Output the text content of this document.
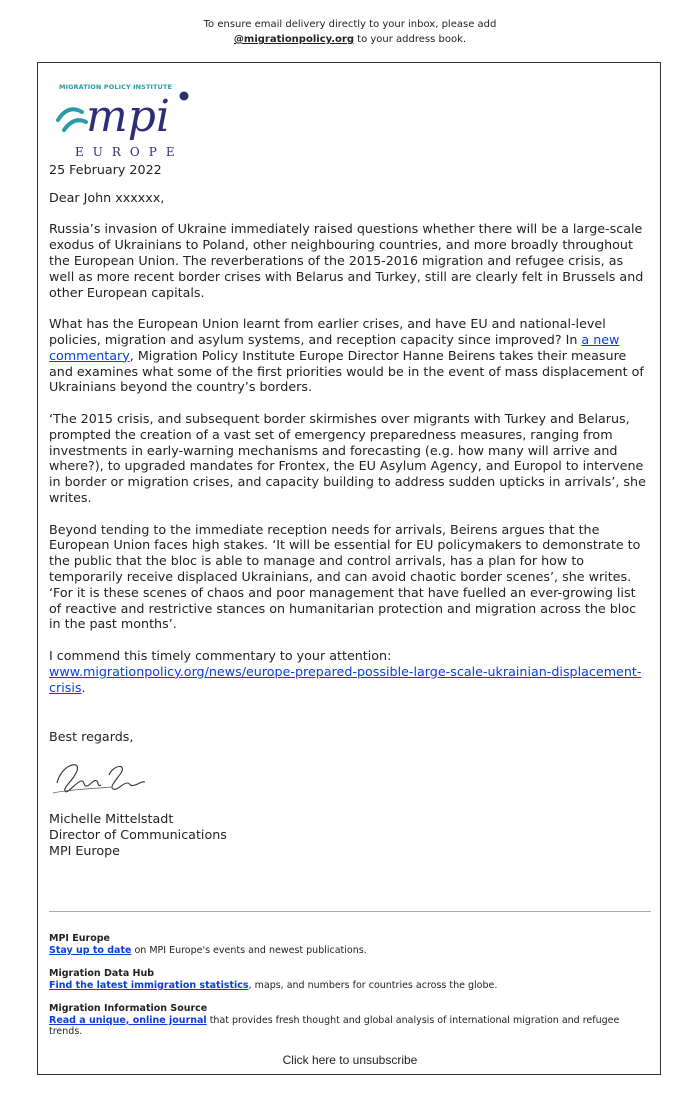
To ensure email delivery directly to your inbox, please add
@migrationpolicy.org to your address book.
MIGRATION POLICY INSTITUTE
mpi
EUROPE

25 February 2022

Dear John xxxxxx,

Russia’s invasion of Ukraine immediately raised questions whether there will be a large-scale exodus of Ukrainians to Poland, other neighbouring countries, and more broadly throughout the European Union. The reverberations of the 2015-2016 migration and refugee crisis, as well as more recent border crises with Belarus and Turkey, still are clearly felt in Brussels and other European capitals.

What has the European Union learnt from earlier crises, and have EU and national-level policies, migration and asylum systems, and reception capacity since improved? In a new commentary, Migration Policy Institute Europe Director Hanne Beirens takes their measure and examines what some of the first priorities would be in the event of mass displacement of Ukrainians beyond the country’s borders.

‘The 2015 crisis, and subsequent border skirmishes over migrants with Turkey and Belarus, prompted the creation of a vast set of emergency preparedness measures, ranging from investments in early-warning mechanisms and forecasting (e.g. how many will arrive and where?), to upgraded mandates for Frontex, the EU Asylum Agency, and Europol to intervene in border or migration crises, and capacity building to address sudden upticks in arrivals’, she writes.

Beyond tending to the immediate reception needs for arrivals, Beirens argues that the European Union faces high stakes. ‘It will be essential for EU policymakers to demonstrate to the public that the bloc is able to manage and control arrivals, has a plan for how to temporarily receive displaced Ukrainians, and can avoid chaotic border scenes’, she writes. ‘For it is these scenes of chaos and poor management that have fuelled an ever-growing list of reactive and restrictive stances on humanitarian protection and migration across the bloc in the past months’.

I commend this timely commentary to your attention:
www.migrationpolicy.org/news/europe-prepared-possible-large-scale-ukrainian-displacement-crisis.

Best regards,

Michelle Mittelstadt
Director of Communications
MPI Europe
MPI Europe
Stay up to date on MPI Europe's events and newest publications.
Migration Data Hub
Find the latest immigration statistics, maps, and numbers for countries across the globe.
Migration Information Source
Read a unique, online journal that provides fresh thought and global analysis of international migration and refugee trends.
Click here to unsubscribe
